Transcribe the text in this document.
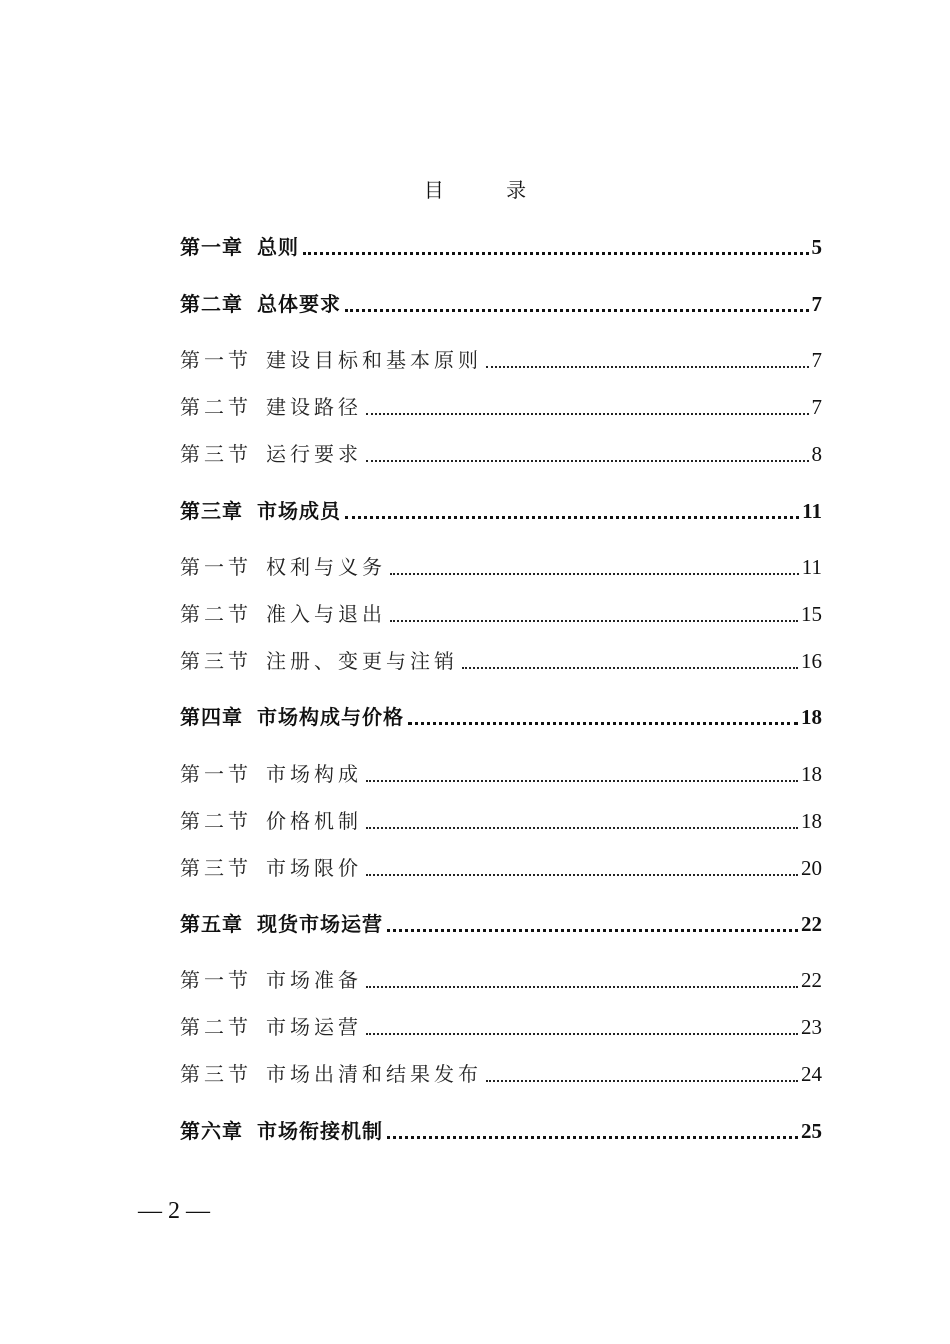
目 录
第一章 总则	5
第二章 总体要求	7
第一节 建设目标和基本原则	7
第二节 建设路径	7
第三节 运行要求	8
第三章 市场成员	11
第一节 权利与义务	11
第二节 准入与退出	15
第三节 注册、变更与注销	16
第四章 市场构成与价格	18
第一节 市场构成	18
第二节 价格机制	18
第三节 市场限价	20
第五章 现货市场运营	22
第一节 市场准备	22
第二节 市场运营	23
第三节 市场出清和结果发布	24
第六章 市场衔接机制	25
— 2 —
